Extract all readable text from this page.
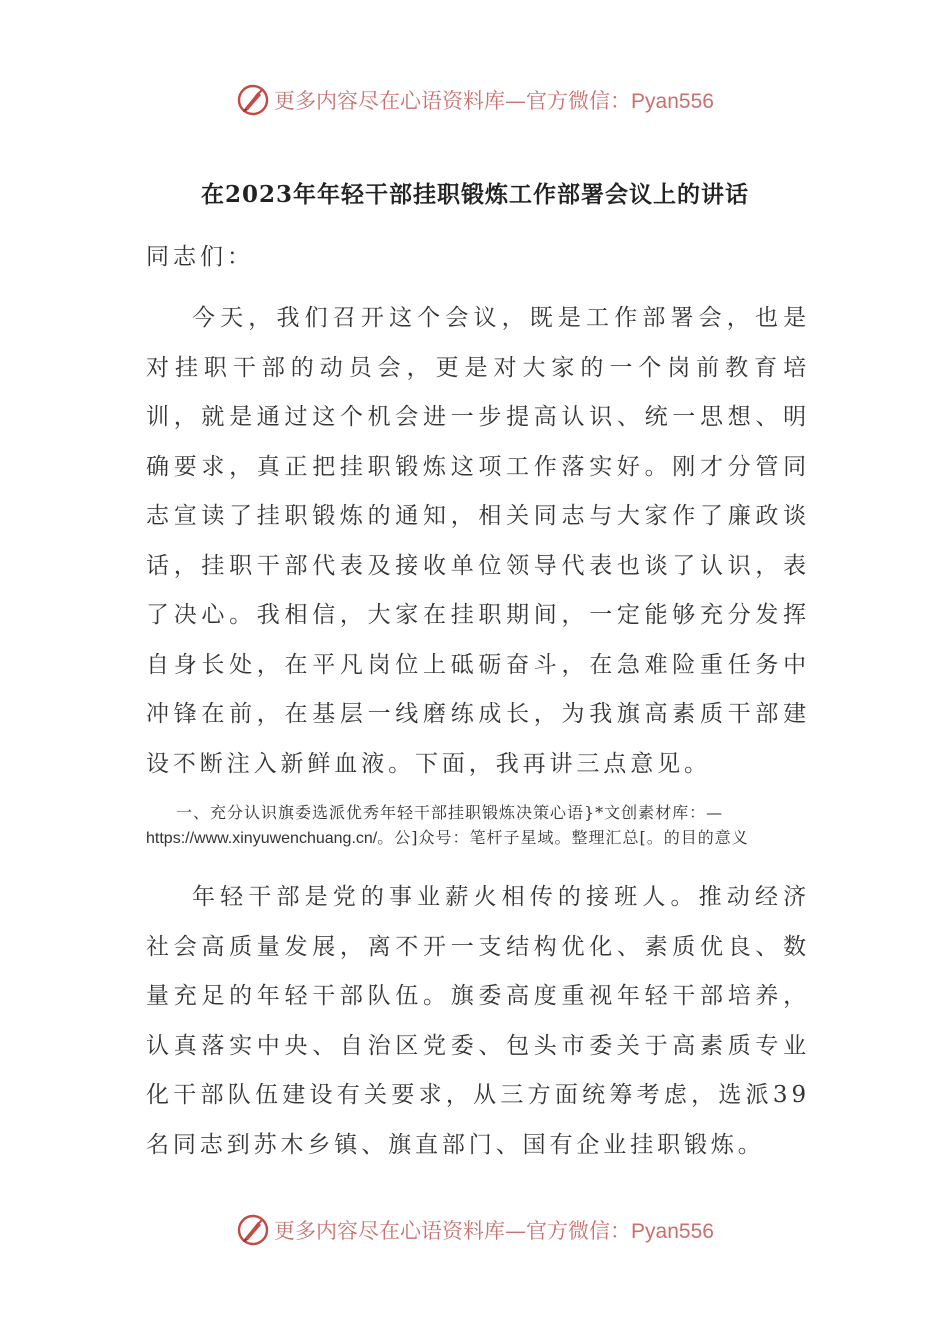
更多内容尽在心语资料库—官方微信：Pyan556
在2023年年轻干部挂职锻炼工作部署会议上的讲话
同志们：

今天，我们召开这个会议，既是工作部署会，也是对挂职干部的动员会，更是对大家的一个岗前教育培训，就是通过这个机会进一步提高认识、统一思想、明确要求，真正把挂职锻炼这项工作落实好。刚才分管同志宣读了挂职锻炼的通知，相关同志与大家作了廉政谈话，挂职干部代表及接收单位领导代表也谈了认识，表了决心。我相信，大家在挂职期间，一定能够充分发挥自身长处，在平凡岗位上砥砺奋斗，在急难险重任务中冲锋在前，在基层一线磨练成长，为我旗高素质干部建设不断注入新鲜血液。下面，我再讲三点意见。

一、充分认识旗委选派优秀年轻干部挂职锻炼决策心语}*文创素材库：—https://www.xinyuwenchuang.cn/。公]众号：笔杆子星域。整理汇总[。的目的意义

年轻干部是党的事业薪火相传的接班人。推动经济社会高质量发展，离不开一支结构优化、素质优良、数量充足的年轻干部队伍。旗委高度重视年轻干部培养，认真落实中央、自治区党委、包头市委关于高素质专业化干部队伍建设有关要求，从三方面统筹考虑，选派39名同志到苏木乡镇、旗直部门、国有企业挂职锻炼。

更多内容尽在心语资料库—官方微信：Pyan556
